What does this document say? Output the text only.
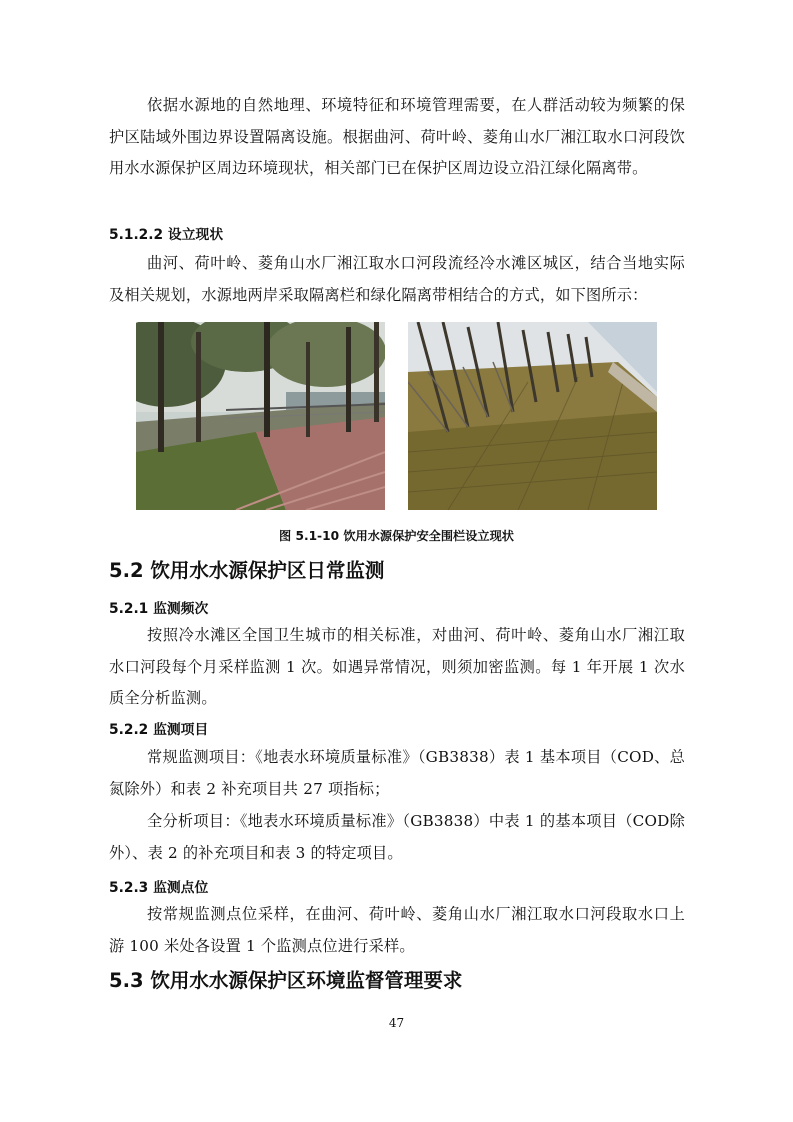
依据水源地的自然地理、环境特征和环境管理需要，在人群活动较为频繁的保护区陆域外围边界设置隔离设施。根据曲河、荷叶岭、菱角山水厂湘江取水口河段饮用水水源保护区周边环境现状，相关部门已在保护区周边设立沿江绿化隔离带。

5.1.2.2 设立现状

曲河、荷叶岭、菱角山水厂湘江取水口河段流经冷水滩区城区，结合当地实际及相关规划，水源地两岸采取隔离栏和绿化隔离带相结合的方式，如下图所示：

图 5.1-10 饮用水源保护安全围栏设立现状
5.2 饮用水水源保护区日常监测
5.2.1 监测频次

按照冷水滩区全国卫生城市的相关标准，对曲河、荷叶岭、菱角山水厂湘江取水口河段每个月采样监测 1 次。如遇异常情况，则须加密监测。每 1 年开展 1 次水质全分析监测。

5.2.2 监测项目

常规监测项目：《地表水环境质量标准》（GB3838）表 1 基本项目（COD、总氮除外）和表 2 补充项目共 27 项指标；

全分析项目：《地表水环境质量标准》（GB3838）中表 1 的基本项目（COD除外）、表 2 的补充项目和表 3 的特定项目。

5.2.3 监测点位

按常规监测点位采样，在曲河、荷叶岭、菱角山水厂湘江取水口河段取水口上游 100 米处各设置 1 个监测点位进行采样。

5.3 饮用水水源保护区环境监督管理要求
47
